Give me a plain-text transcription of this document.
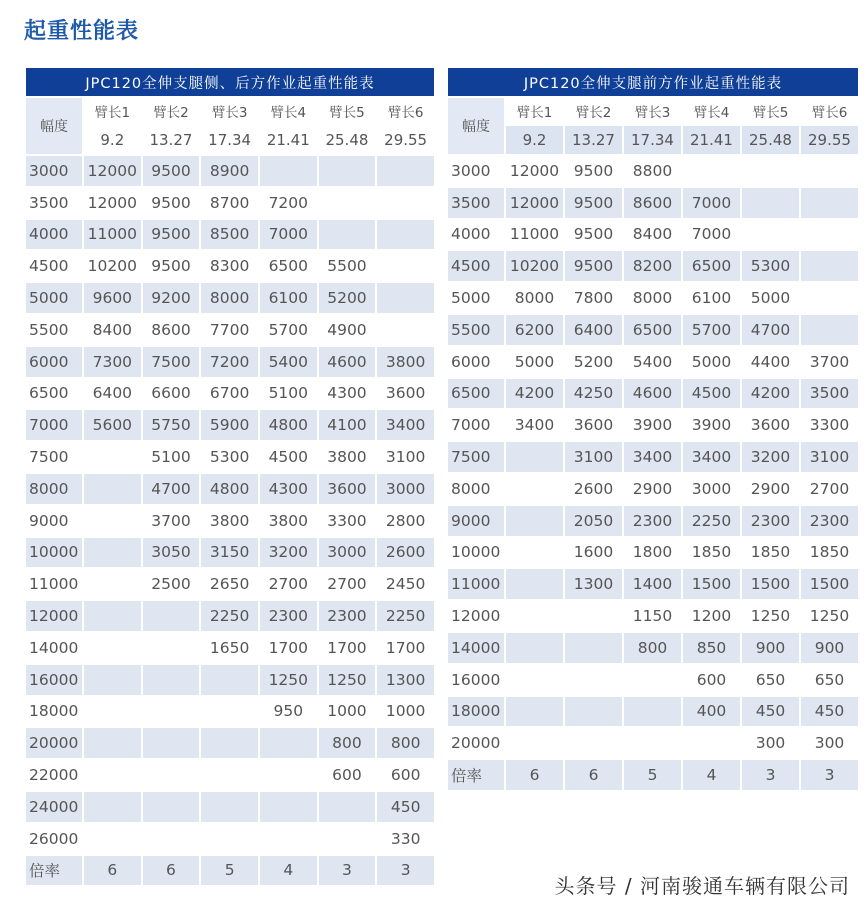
起重性能表
JPC120全伸支腿侧、后方作业起重性能表						
幅度	臂长1	臂长2	臂长3	臂长4	臂长5	臂长6
	9.2	13.27	17.34	21.41	25.48	29.55
3000	12000	9500	8900			
3500	12000	9500	8700	7200		
4000	11000	9500	8500	7000		
4500	10200	9500	8300	6500	5500	
5000	9600	9200	8000	6100	5200	
5500	8400	8600	7700	5700	4900	
6000	7300	7500	7200	5400	4600	3800
6500	6400	6600	6700	5100	4300	3600
7000	5600	5750	5900	4800	4100	3400
7500		5100	5300	4500	3800	3100
8000		4700	4800	4300	3600	3000
9000		3700	3800	3800	3300	2800
10000		3050	3150	3200	3000	2600
11000		2500	2650	2700	2700	2450
12000			2250	2300	2300	2250
14000			1650	1700	1700	1700
16000				1250	1250	1300
18000				950	1000	1000
20000					800	800
22000					600	600
24000						450
26000						330
倍率	6	6	5	4	3	3
JPC120全伸支腿前方作业起重性能表						
幅度	臂长1	臂长2	臂长3	臂长4	臂长5	臂长6
	9.2	13.27	17.34	21.41	25.48	29.55
3000	12000	9500	8800			
3500	12000	9500	8600	7000		
4000	11000	9500	8400	7000		
4500	10200	9500	8200	6500	5300	
5000	8000	7800	8000	6100	5000	
5500	6200	6400	6500	5700	4700	
6000	5000	5200	5400	5000	4400	3700
6500	4200	4250	4600	4500	4200	3500
7000	3400	3600	3900	3900	3600	3300
7500		3100	3400	3400	3200	3100
8000		2600	2900	3000	2900	2700
9000		2050	2300	2250	2300	2300
10000		1600	1800	1850	1850	1850
11000		1300	1400	1500	1500	1500
12000			1150	1200	1250	1250
14000			800	850	900	900
16000				600	650	650
18000				400	450	450
20000					300	300
倍率	6	6	5	4	3	3
头条号 / 河南骏通车辆有限公司
